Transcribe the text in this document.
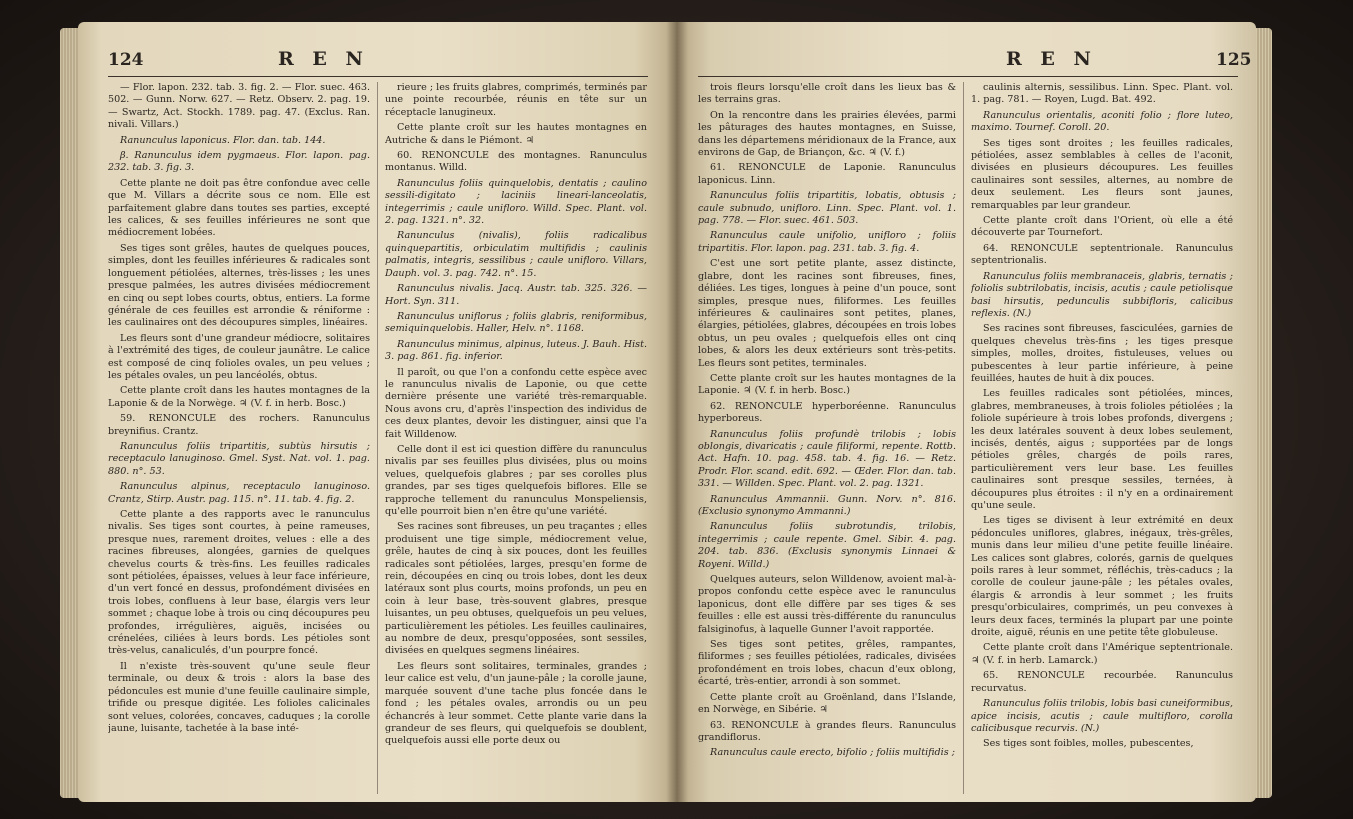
124	R E N

— Flor. lapon. 232. tab. 3. fig. 2. — Flor. suec. 463. 502. — Gunn. Norw. 627. — Retz. Observ. 2. pag. 19. — Swartz, Act. Stockh. 1789. pag. 47. (Exclus. Ran. nivali. Villars.)

Ranunculus laponicus. Flor. dan. tab. 144.

β. Ranunculus idem pygmaeus. Flor. lapon. pag. 232. tab. 3. fig. 3.

Cette plante ne doit pas être confondue avec celle que M. Villars a décrite sous ce nom. Elle est parfaitement glabre dans toutes ses parties, excepté les calices, & ses feuilles inférieures ne sont que médiocrement lobées.

Ses tiges sont grêles, hautes de quelques pouces, simples, dont les feuilles inférieures & radicales sont longuement pétiolées, alternes, très-lisses ; les unes presque palmées, les autres divisées médiocrement en cinq ou sept lobes courts, obtus, entiers. La forme générale de ces feuilles est arrondie & réniforme : les caulinaires ont des découpures simples, linéaires.

Les fleurs sont d'une grandeur médiocre, solitaires à l'extrémité des tiges, de couleur jaunâtre. Le calice est composé de cinq folioles ovales, un peu velues ; les pétales ovales, un peu lancéolés, obtus.

Cette plante croît dans les hautes montagnes de la Laponie & de la Norwège. ♃ (V. f. in herb. Bosc.)

59. RENONCULE des rochers. Ranunculus breynifius. Crantz.

Ranunculus foliis tripartitis, subtùs hirsutis ; receptaculo lanuginoso. Gmel. Syst. Nat. vol. 1. pag. 880. n°. 53.

Ranunculus alpinus, receptaculo lanuginoso. Crantz, Stirp. Austr. pag. 115. n°. 11. tab. 4. fig. 2.

Cette plante a des rapports avec le ranunculus nivalis. Ses tiges sont courtes, à peine rameuses, presque nues, rarement droites, velues : elle a des racines fibreuses, alongées, garnies de quelques chevelus courts & très-fins. Les feuilles radicales sont pétiolées, épaisses, velues à leur face inférieure, d'un vert foncé en dessus, profondément divisées en trois lobes, confluens à leur base, élargis vers leur sommet ; chaque lobe à trois ou cinq découpures peu profondes, irrégulières, aiguës, incisées ou crénelées, ciliées à leurs bords. Les pétioles sont très-velus, canaliculés, d'un pourpre foncé.

Il n'existe très-souvent qu'une seule fleur terminale, ou deux & trois : alors la base des pédoncules est munie d'une feuille caulinaire simple, trifide ou presque digitée. Les folioles calicinales sont velues, colorées, concaves, caduques ; la corolle jaune, luisante, tachetée à la base inté-

rieure ; les fruits glabres, comprimés, terminés par une pointe recourbée, réunis en tête sur un réceptacle lanugineux.

Cette plante croît sur les hautes montagnes en Autriche & dans le Piémont. ♃

60. RENONCULE des montagnes. Ranunculus montanus. Willd.

Ranunculus foliis quinquelobis, dentatis ; caulino sessili-digitato ; laciniis lineari-lanceolatis, integerrimis ; caule unifloro. Willd. Spec. Plant. vol. 2. pag. 1321. n°. 32.

Ranunculus (nivalis), foliis radicalibus quinquepartitis, orbiculatim multifidis ; caulinis palmatis, integris, sessilibus ; caule unifloro. Villars, Dauph. vol. 3. pag. 742. n°. 15.

Ranunculus nivalis. Jacq. Austr. tab. 325. 326. — Hort. Syn. 311.

Ranunculus uniflorus ; foliis glabris, reniformibus, semiquinquelobis. Haller, Helv. n°. 1168.

Ranunculus minimus, alpinus, luteus. J. Bauh. Hist. 3. pag. 861. fig. inferior.

Il paroît, ou que l'on a confondu cette espèce avec le ranunculus nivalis de Laponie, ou que cette dernière présente une variété très-remarquable. Nous avons cru, d'après l'inspection des individus de ces deux plantes, devoir les distinguer, ainsi que l'a fait Willdenow.

Celle dont il est ici question diffère du ranunculus nivalis par ses feuilles plus divisées, plus ou moins velues, quelquefois glabres ; par ses corolles plus grandes, par ses tiges quelquefois biflores. Elle se rapproche tellement du ranunculus Monspeliensis, qu'elle pourroit bien n'en être qu'une variété.

Ses racines sont fibreuses, un peu traçantes ; elles produisent une tige simple, médiocrement velue, grêle, hautes de cinq à six pouces, dont les feuilles radicales sont pétiolées, larges, presqu'en forme de rein, découpées en cinq ou trois lobes, dont les deux latéraux sont plus courts, moins profonds, un peu en coin à leur base, très-souvent glabres, presque luisantes, un peu obtuses, quelquefois un peu velues, particulièrement les pétioles. Les feuilles caulinaires, au nombre de deux, presqu'opposées, sont sessiles, divisées en quelques segmens linéaires.

Les fleurs sont solitaires, terminales, grandes ; leur calice est velu, d'un jaune-pâle ; la corolle jaune, marquée souvent d'une tache plus foncée dans le fond ; les pétales ovales, arrondis ou un peu échancrés à leur sommet. Cette plante varie dans la grandeur de ses fleurs, qui quelquefois se doublent, quelquefois aussi elle porte deux ou

125
R E N

trois fleurs lorsqu'elle croît dans les lieux bas & les terrains gras.

On la rencontre dans les prairies élevées, parmi les pâturages des hautes montagnes, en Suisse, dans les départemens méridionaux de la France, aux environs de Gap, de Briançon, &c. ♃ (V. f.)

61. RENONCULE de Laponie. Ranunculus laponicus. Linn.

Ranunculus foliis tripartitis, lobatis, obtusis ; caule subnudo, unifloro. Linn. Spec. Plant. vol. 1. pag. 778. — Flor. suec. 461. 503.

Ranunculus caule unifolio, unifloro ; foliis tripartitis. Flor. lapon. pag. 231. tab. 3. fig. 4.

C'est une sort petite plante, assez distincte, glabre, dont les racines sont fibreuses, fines, déliées. Les tiges, longues à peine d'un pouce, sont simples, presque nues, filiformes. Les feuilles inférieures & caulinaires sont petites, planes, élargies, pétiolées, glabres, découpées en trois lobes obtus, un peu ovales ; quelquefois elles ont cinq lobes, & alors les deux extérieurs sont très-petits. Les fleurs sont petites, terminales.

Cette plante croît sur les hautes montagnes de la Laponie. ♃ (V. f. in herb. Bosc.)

62. RENONCULE hyperboréenne. Ranunculus hyperboreus.

Ranunculus foliis profundè trilobis ; lobis oblongis, divaricatis ; caule filiformi, repente. Rottb. Act. Hafn. 10. pag. 458. tab. 4. fig. 16. — Retz. Prodr. Flor. scand. edit. 692. — Œder. Flor. dan. tab. 331. — Willden. Spec. Plant. vol. 2. pag. 1321.

Ranunculus Ammannii. Gunn. Norv. n°. 816. (Exclusio synonymo Ammanni.)

Ranunculus foliis subrotundis, trilobis, integerrimis ; caule repente. Gmel. Sibir. 4. pag. 204. tab. 836. (Exclusis synonymis Linnaei & Royeni. Willd.)

Quelques auteurs, selon Willdenow, avoient mal-à-propos confondu cette espèce avec le ranunculus laponicus, dont elle diffère par ses tiges & ses feuilles : elle est aussi très-différente du ranunculus falsiginofus, à laquelle Gunner l'avoit rapportée.

Ses tiges sont petites, grêles, rampantes, filiformes ; ses feuilles pétiolées, radicales, divisées profondément en trois lobes, chacun d'eux oblong, écarté, très-entier, arrondi à son sommet.

Cette plante croît au Groënland, dans l'Islande, en Norwège, en Sibérie. ♃

63. RENONCULE à grandes fleurs. Ranunculus grandiflorus.

Ranunculus caule erecto, bifolio ; foliis multifidis ;

caulinis alternis, sessilibus. Linn. Spec. Plant. vol. 1. pag. 781. — Royen, Lugd. Bat. 492.

Ranunculus orientalis, aconiti folio ; flore luteo, maximo. Tournef. Coroll. 20.

Ses tiges sont droites ; les feuilles radicales, pétiolées, assez semblables à celles de l'aconit, divisées en plusieurs découpures. Les feuilles caulinaires sont sessiles, alternes, au nombre de deux seulement. Les fleurs sont jaunes, remarquables par leur grandeur.

Cette plante croît dans l'Orient, où elle a été découverte par Tournefort.

64. RENONCULE septentrionale. Ranunculus septentrionalis.

Ranunculus foliis membranaceis, glabris, ternatis ; foliolis subtrilobatis, incisis, acutis ; caule petiolisque basi hirsutis, pedunculis subbifloris, calicibus reflexis. (N.)

Ses racines sont fibreuses, fasciculées, garnies de quelques chevelus très-fins ; les tiges presque simples, molles, droites, fistuleuses, velues ou pubescentes à leur partie inférieure, à peine feuillées, hautes de huit à dix pouces.

Les feuilles radicales sont pétiolées, minces, glabres, membraneuses, à trois folioles pétiolées ; la foliole supérieure à trois lobes profonds, divergens ; les deux latérales souvent à deux lobes seulement, incisés, dentés, aigus ; supportées par de longs pétioles grêles, chargés de poils rares, particulièrement vers leur base. Les feuilles caulinaires sont presque sessiles, ternées, à découpures plus étroites : il n'y en a ordinairement qu'une seule.

Les tiges se divisent à leur extrémité en deux pédoncules uniflores, glabres, inégaux, très-grêles, munis dans leur milieu d'une petite feuille linéaire. Les calices sont glabres, colorés, garnis de quelques poils rares à leur sommet, réfléchis, très-caducs ; la corolle de couleur jaune-pâle ; les pétales ovales, élargis & arrondis à leur sommet ; les fruits presqu'orbiculaires, comprimés, un peu convexes à leurs deux faces, terminés la plupart par une pointe droite, aiguë, réunis en une petite tête globuleuse.

Cette plante croît dans l'Amérique septentrionale. ♃ (V. f. in herb. Lamarck.)

65. RENONCULE recourbée. Ranunculus recurvatus.

Ranunculus foliis trilobis, lobis basi cuneiformibus, apice incisis, acutis ; caule multifloro, corolla calicibusque recurvis. (N.)

Ses tiges sont foibles, molles, pubescentes,
